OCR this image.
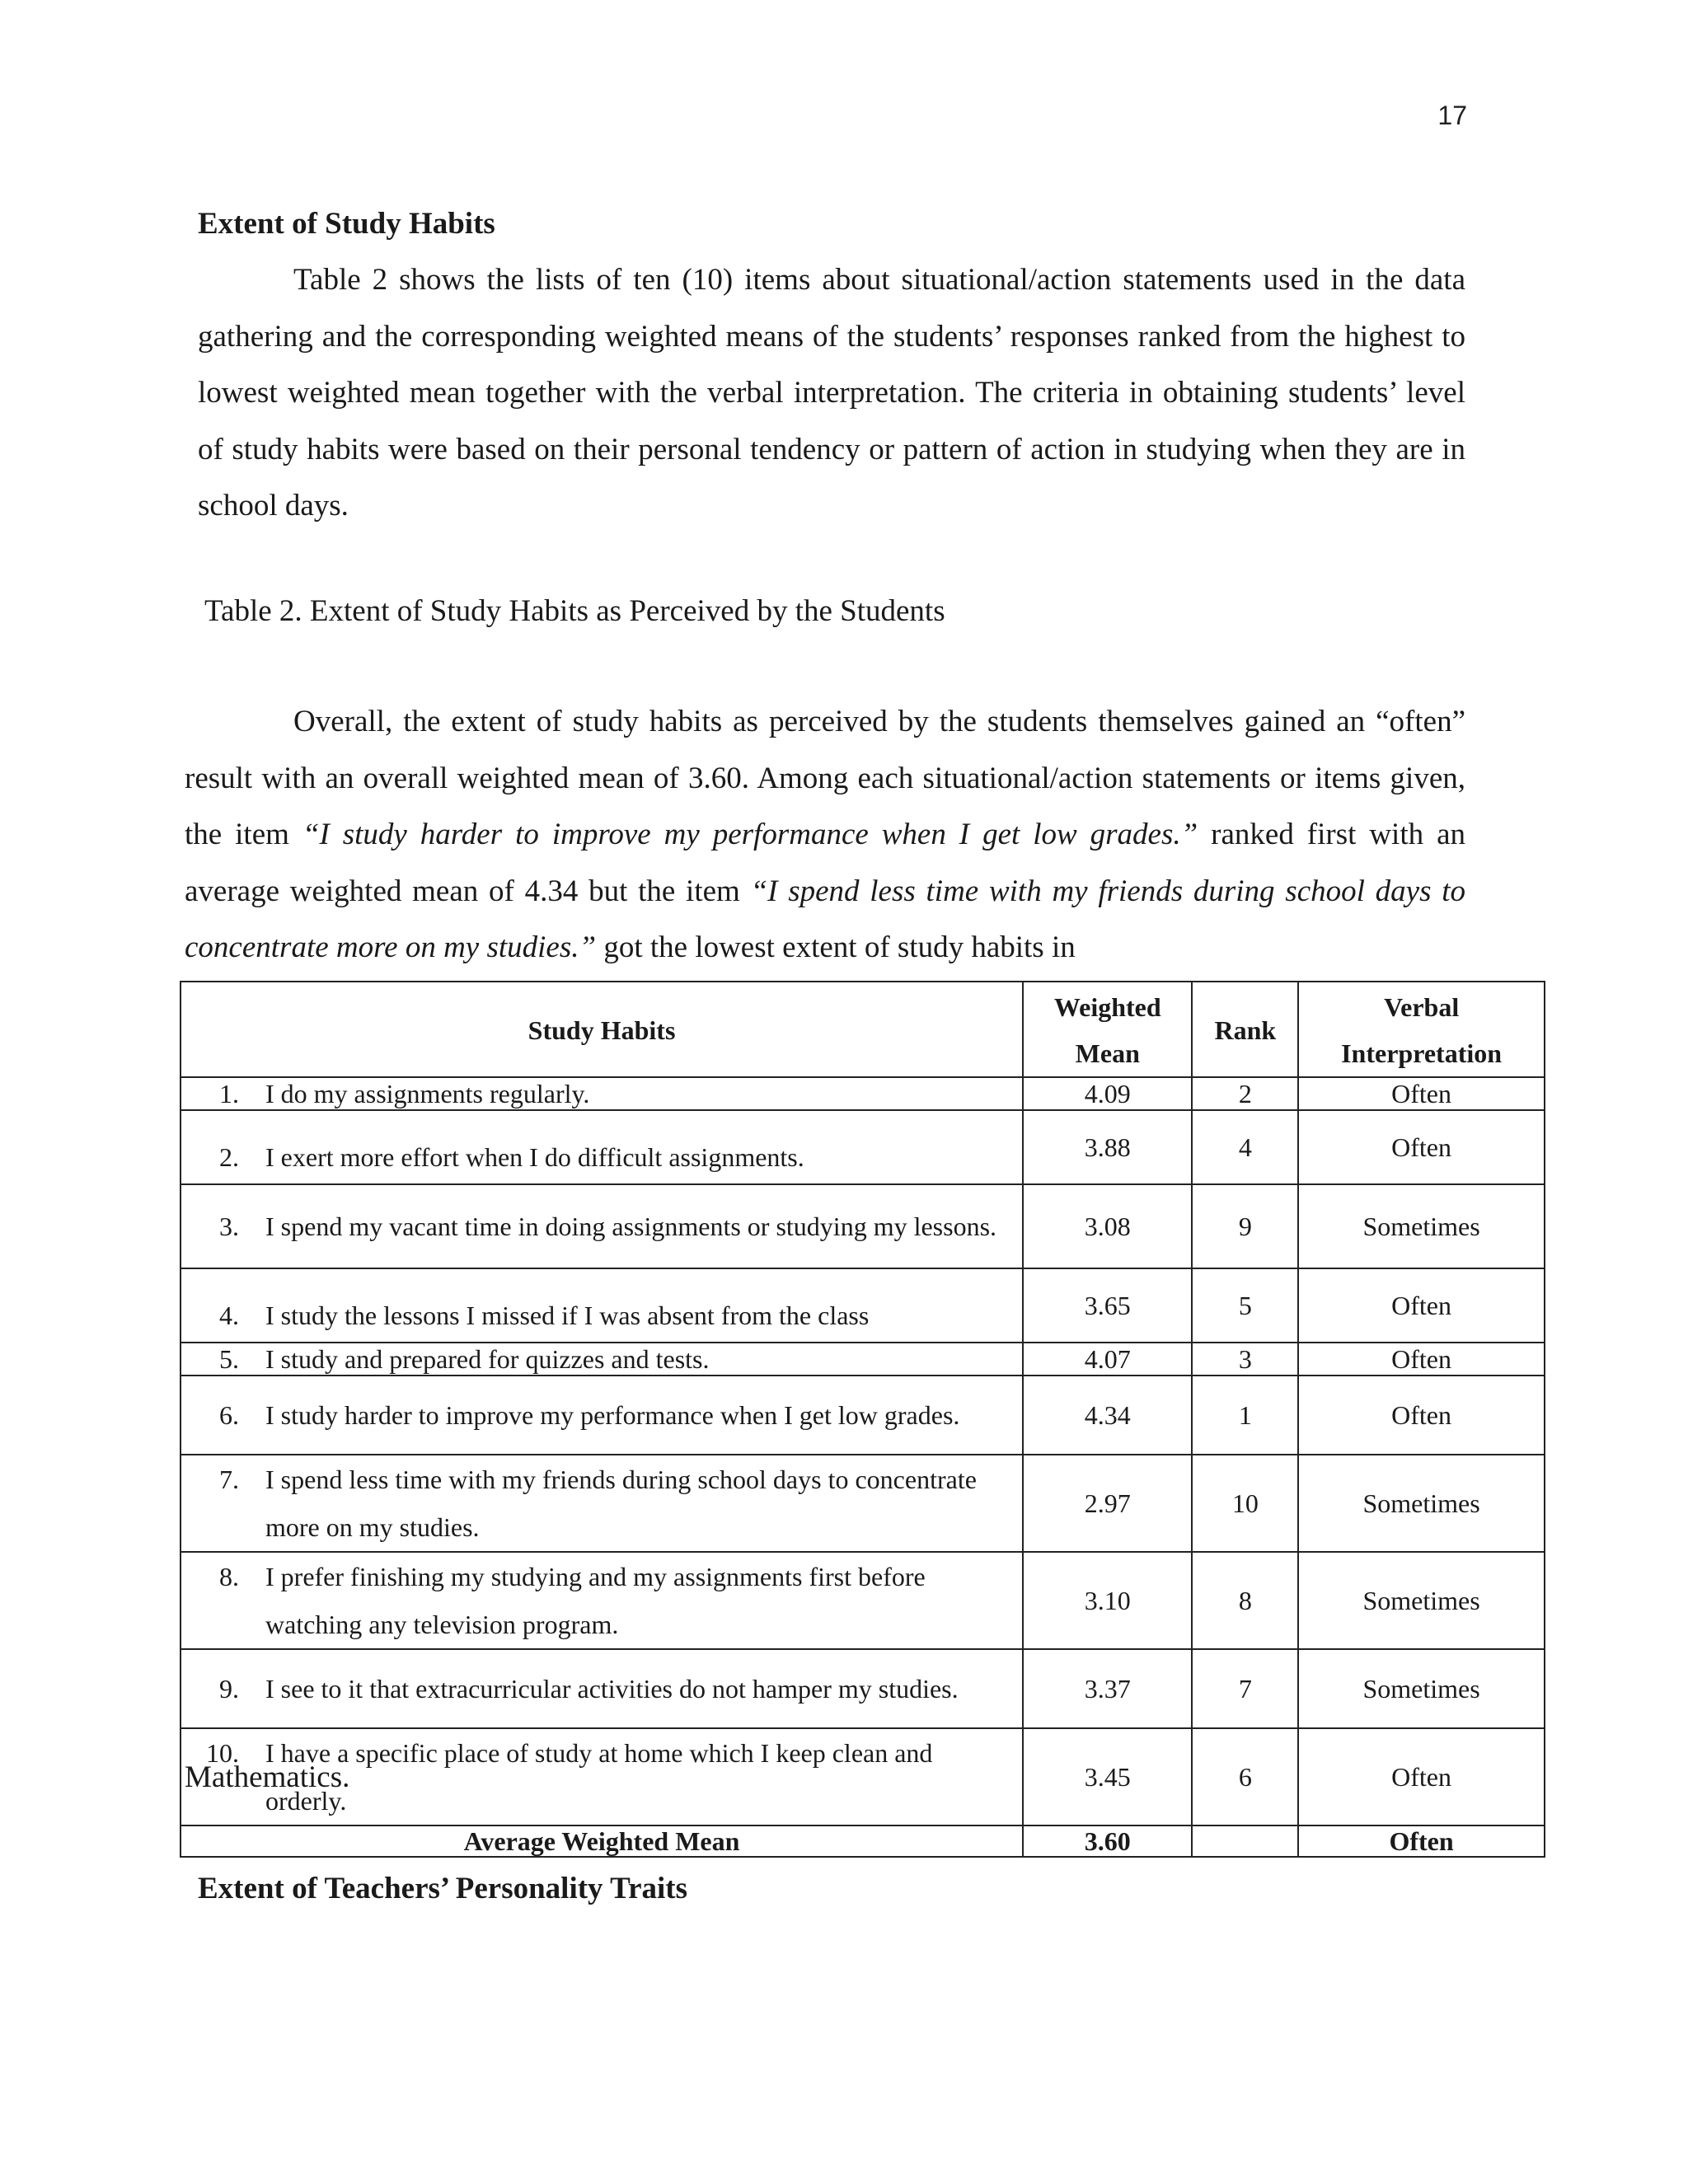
17
Extent of Study Habits

Table 2 shows the lists of ten (10) items about situational/action statements used in the data gathering and the corresponding weighted means of the students’ responses ranked from the highest to lowest weighted mean together with the verbal interpretation. The criteria in obtaining students’ level of study habits were based on their personal tendency or pattern of action in studying when they are in school days.

Table 2. Extent of Study Habits as Perceived by the Students

Overall, the extent of study habits as perceived by the students themselves gained an “often” result with an overall weighted mean of 3.60. Among each situational/action statements or items given, the item “I study harder to improve my performance when I get low grades.” ranked first with an average weighted mean of 4.34 but the item “I spend less time with my friends during school days to concentrate more on my studies.” got the lowest extent of study habits in

Study Habits	Weighted Mean	Rank	Verbal Interpretation

1. I do my assignments regularly.	4.09	2	Often

2. I exert more effort when I do difficult assignments.	3.88	4	Often

3. I spend my vacant time in doing assignments or studying my lessons.	3.08	9	Sometimes

4. I study the lessons I missed if I was absent from the class	3.65	5	Often

5. I study and prepared for quizzes and tests.	4.07	3	Often

6. I study harder to improve my performance when I get low grades.	4.34	1	Often

7. I spend less time with my friends during school days to concentrate more on my studies.	2.97	10	Sometimes

8. I prefer finishing my studying and my assignments first before watching any television program.	3.10	8	Sometimes

9. I see to it that extracurricular activities do not hamper my studies.	3.37	7	Sometimes

10. I have a specific place of study at home which I keep clean and orderly.	3.45	6	Often
Average Weighted Mean	3.60		Often

Mathematics.

Extent of Teachers’ Personality Traits
